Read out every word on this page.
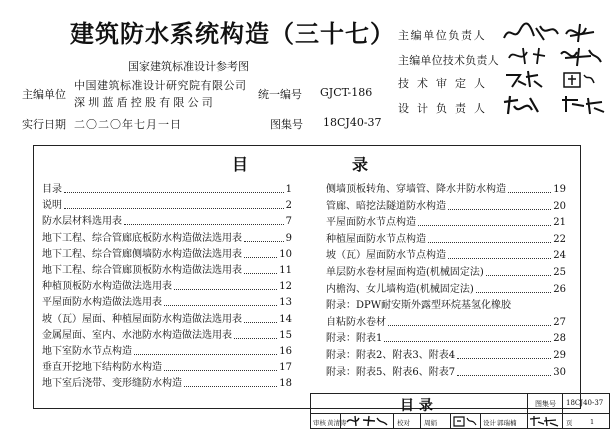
建筑防水系统构造（三十七）
国家建筑标准设计参考图
主编单位
中国建筑标准设计研究院有限公司
深圳蓝盾控股有限公司
统一编号 GJCT-186
实行日期 二〇二〇年七月一日	图集号 18CJ40-37
主编单位负责人
主编单位技术负责人
技术审定人
设计负责人
目	录
目录	1
说明	2
防水层材料选用表	7
地下工程、综合管廊底板防水构造做法选用表	9
地下工程、综合管廊侧墙防水构造做法选用表	10
地下工程、综合管廊顶板防水构造做法选用表	11
种植顶板防水构造做法选用表	12
平屋面防水构造做法选用表	13
坡（瓦）屋面、种植屋面防水构造做法选用表	14
金属屋面、室内、水池防水构造做法选用表	15
地下室防水节点构造	16
垂直开挖地下结构防水构造	17
地下室后浇带、变形缝防水构造	18
侧墙顶板转角、穿墙管、降水井防水构造	19
管廊、暗挖法隧道防水构造	20
平屋面防水节点构造	21
种植屋面防水节点构造	22
坡（瓦）屋面防水节点构造	24
单层防水卷材屋面构造(机械固定法)	25
内檐沟、女儿墙构造(机械固定法)	26
附录：DPW耐安斯外露型环烷基氢化橡胶
自粘防水卷材	27
附录：附表1	28
附录：附表2、附表3、附表4	29
附录：附表5、附表6、附表7	30
目 录	图集号 18CJ40-37
审核 黄清涛	校对 周娟	设计 郭瑞楠	页	1
